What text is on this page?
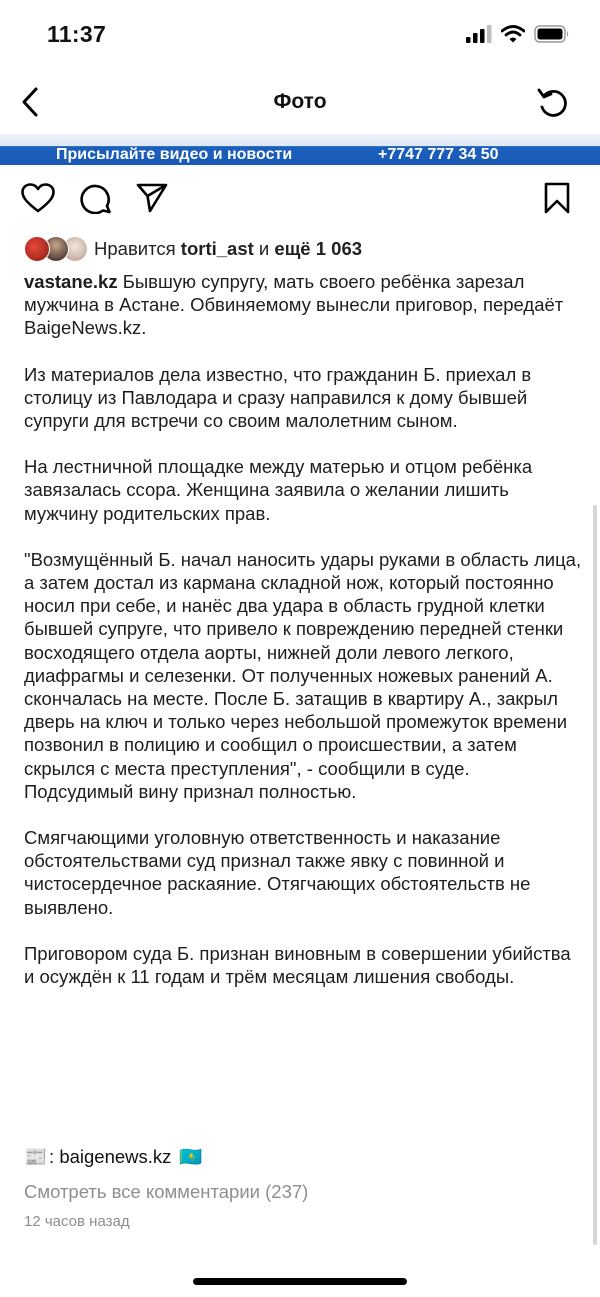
11:37
Фото
Присылайте видео и новости	+7747 777 34 50
Нравится torti_ast и ещё 1 063

vastane.kz Бывшую супругу, мать своего ребёнка зарезал мужчина в Астане. Обвиняемому вынесли приговор, передаёт BaigeNews.kz.

Из материалов дела известно, что гражданин Б. приехал в столицу из Павлодара и сразу направился к дому бывшей супруги для встречи со своим малолетним сыном.

На лестничной площадке между матерью и отцом ребёнка завязалась ссора. Женщина заявила о желании лишить мужчину родительских прав.

"Возмущённый Б. начал наносить удары руками в область лица, а затем достал из кармана складной нож, который постоянно носил при себе, и нанёс два удара в область грудной клетки бывшей супруге, что привело к повреждению передней стенки восходящего отдела аорты, нижней доли левого легкого, диафрагмы и селезенки. От полученных ножевых ранений А. скончалась на месте. После Б. затащив в квартиру А., закрыл дверь на ключ и только через небольшой промежуток времени позвонил в полицию и сообщил о происшествии, а затем скрылся с места преступления", - сообщили в суде.

Подсудимый вину признал полностью.

Смягчающими уголовную ответственность и наказание обстоятельствами суд признал также явку с повинной и чистосердечное раскаяние. Отягчающих обстоятельств не выявлено.

Приговором суда Б. признан виновным в совершении убийства и осуждён к 11 годам и трём месяцам лишения свободы.

📰 : baigenews.kz 🇰🇿
Смотреть все комментарии (237)
12 часов назад
